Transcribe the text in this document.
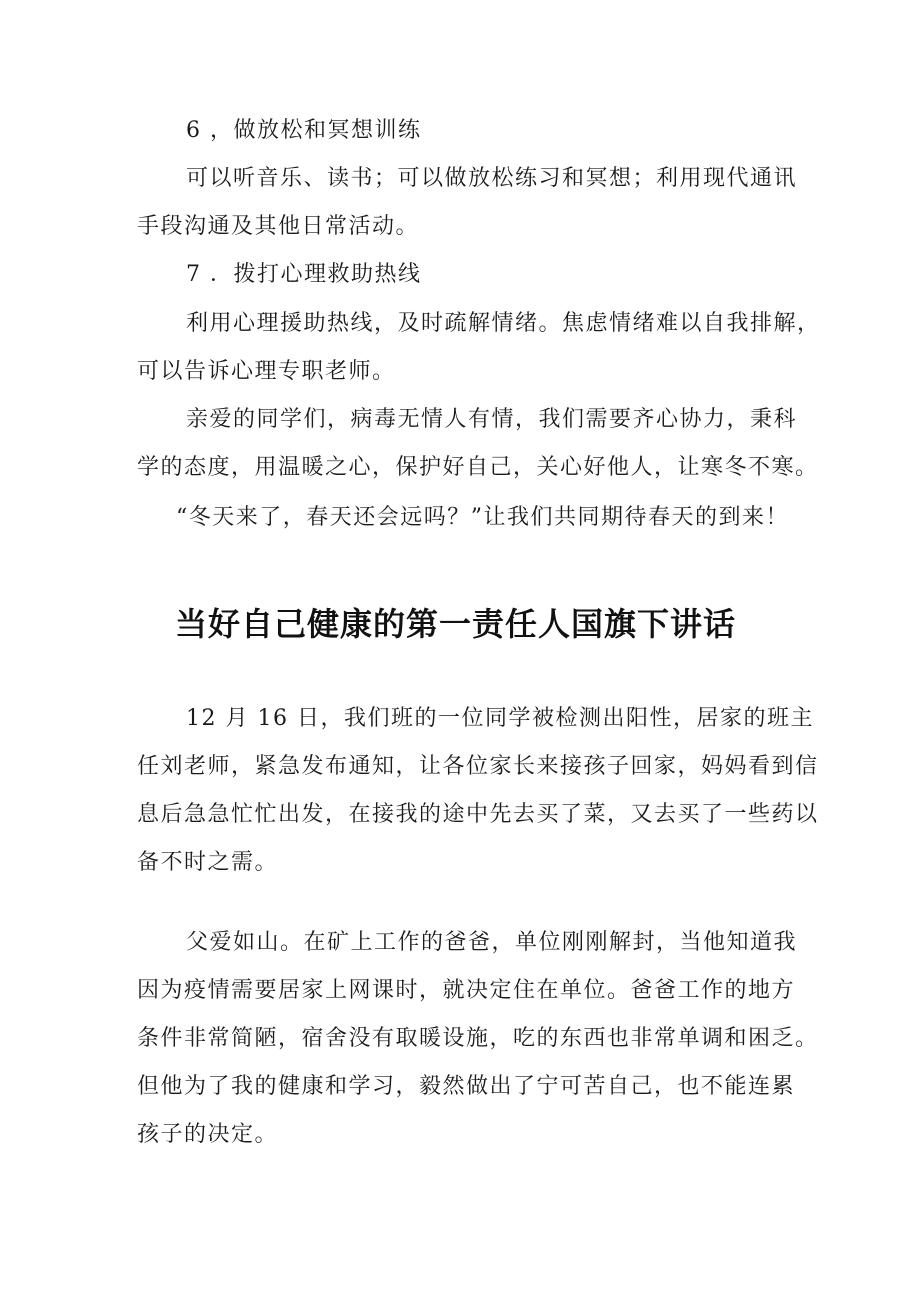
6 ，做放松和冥想训练
可以听音乐、读书；可以做放松练习和冥想；利用现代通讯
手段沟通及其他日常活动。
7 ．拨打心理救助热线
利用心理援助热线，及时疏解情绪。焦虑情绪难以自我排解，
可以告诉心理专职老师。
亲爱的同学们，病毒无情人有情，我们需要齐心协力，秉科
学的态度，用温暖之心，保护好自己，关心好他人，让寒冬不寒。
“冬天来了，春天还会远吗？”让我们共同期待春天的到来！
当好自己健康的第一责任人国旗下讲话
12 月 16 日，我们班的一位同学被检测出阳性，居家的班主
任刘老师，紧急发布通知，让各位家长来接孩子回家，妈妈看到信
息后急急忙忙出发，在接我的途中先去买了菜，又去买了一些药以
备不时之需。
父爱如山。在矿上工作的爸爸，单位刚刚解封，当他知道我
因为疫情需要居家上网课时，就决定住在单位。爸爸工作的地方
条件非常简陋，宿舍没有取暖设施，吃的东西也非常单调和困乏。
但他为了我的健康和学习，毅然做出了宁可苦自己，也不能连累
孩子的决定。
